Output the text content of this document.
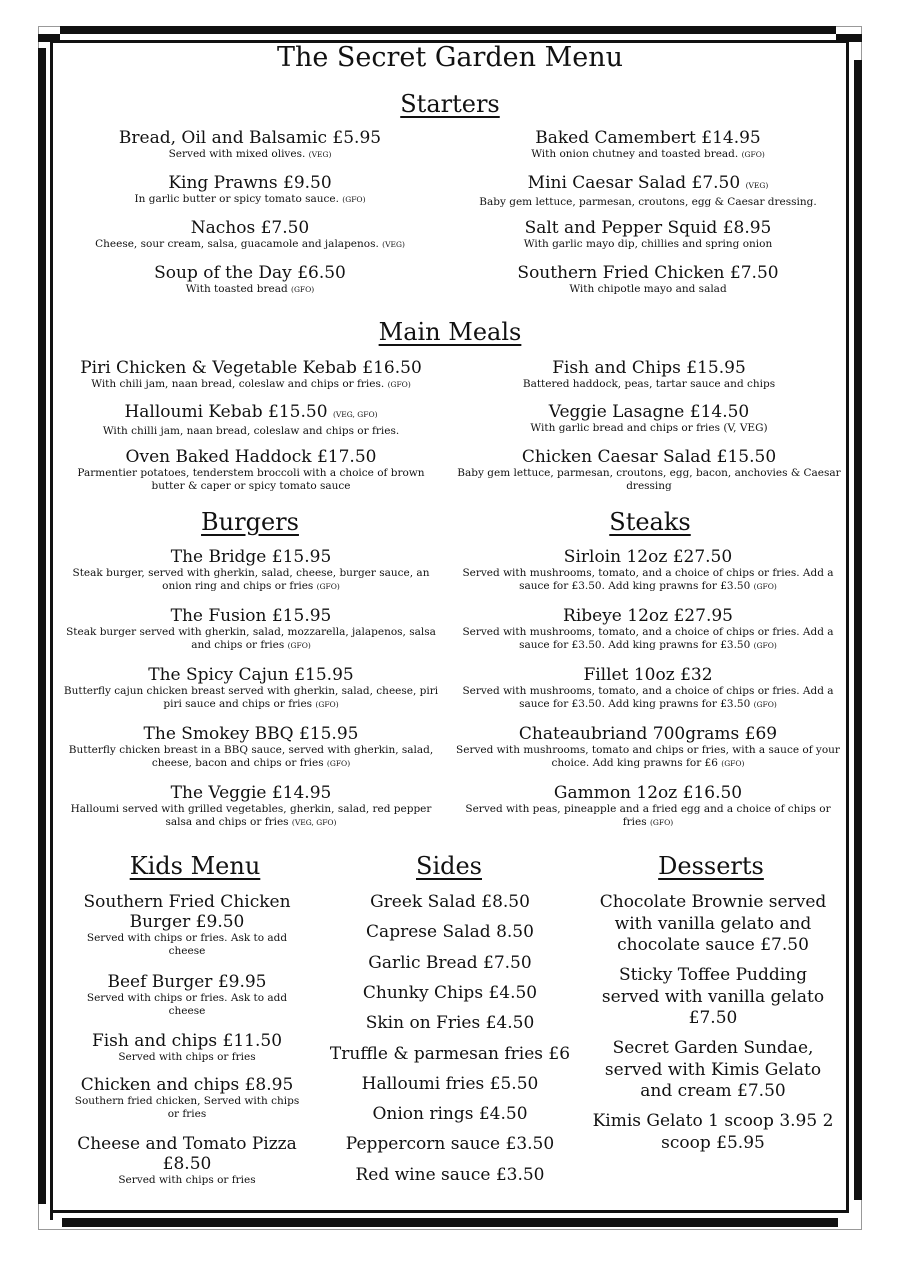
The Secret Garden Menu
Starters
Bread, Oil and Balsamic £5.95
Served with mixed olives. (VEG)
King Prawns £9.50
In garlic butter or spicy tomato sauce. (GFO)
Nachos £7.50
Cheese, sour cream, salsa, guacamole and jalapenos. (VEG)
Soup of the Day £6.50
With toasted bread (GFO)
Baked Camembert £14.95
With onion chutney and toasted bread. (GFO)
Mini Caesar Salad £7.50 (VEG)
Baby gem lettuce, parmesan, croutons, egg & Caesar dressing.
Salt and Pepper Squid £8.95
With garlic mayo dip, chillies and spring onion
Southern Fried Chicken £7.50
With chipotle mayo and salad
Main Meals
Piri Chicken & Vegetable Kebab £16.50
With chili jam, naan bread, coleslaw and chips or fries. (GFO)
Halloumi Kebab £15.50 (VEG, GFO)
With chilli jam, naan bread, coleslaw and chips or fries.
Oven Baked Haddock £17.50
Parmentier potatoes, tenderstem broccoli with a choice of brown butter & caper or spicy tomato sauce
Fish and Chips £15.95
Battered haddock, peas, tartar sauce and chips
Veggie Lasagne £14.50
With garlic bread and chips or fries (V, VEG)
Chicken Caesar Salad £15.50
Baby gem lettuce, parmesan, croutons, egg, bacon, anchovies & Caesar dressing
Burgers	Steaks
The Bridge £15.95
Steak burger, served with gherkin, salad, cheese, burger sauce, an onion ring and chips or fries (GFO)
The Fusion £15.95
Steak burger served with gherkin, salad, mozzarella, jalapenos, salsa and chips or fries (GFO)
The Spicy Cajun £15.95
Butterfly cajun chicken breast served with gherkin, salad, cheese, piri piri sauce and chips or fries (GFO)
The Smokey BBQ £15.95
Butterfly chicken breast in a BBQ sauce, served with gherkin, salad, cheese, bacon and chips or fries (GFO)
The Veggie £14.95
Halloumi served with grilled vegetables, gherkin, salad, red pepper salsa and chips or fries (VEG, GFO)
Sirloin 12oz £27.50
Served with mushrooms, tomato, and a choice of chips or fries. Add a sauce for £3.50. Add king prawns for £3.50 (GFO)
Ribeye 12oz £27.95
Served with mushrooms, tomato, and a choice of chips or fries. Add a sauce for £3.50. Add king prawns for £3.50 (GFO)
Fillet 10oz £32
Served with mushrooms, tomato, and a choice of chips or fries. Add a sauce for £3.50. Add king prawns for £3.50 (GFO)
Chateaubriand 700grams £69
Served with mushrooms, tomato and chips or fries, with a sauce of your choice. Add king prawns for £6 (GFO)
Gammon 12oz £16.50
Served with peas, pineapple and a fried egg and a choice of chips or fries (GFO)
Kids Menu	Sides	Desserts
Southern Fried Chicken Burger £9.50
Served with chips or fries. Ask to add cheese
Beef Burger £9.95
Served with chips or fries. Ask to add cheese
Fish and chips £11.50
Served with chips or fries
Chicken and chips £8.95
Southern fried chicken, Served with chips or fries
Cheese and Tomato Pizza £8.50
Served with chips or fries
Greek Salad £8.50
Caprese Salad 8.50
Garlic Bread £7.50
Chunky Chips £4.50
Skin on Fries £4.50
Truffle & parmesan fries £6
Halloumi fries £5.50
Onion rings £4.50
Peppercorn sauce £3.50
Red wine sauce £3.50
Chocolate Brownie served with vanilla gelato and chocolate sauce £7.50
Sticky Toffee Pudding served with vanilla gelato £7.50
Secret Garden Sundae, served with Kimis Gelato and cream £7.50
Kimis Gelato 1 scoop 3.95 2 scoop £5.95
